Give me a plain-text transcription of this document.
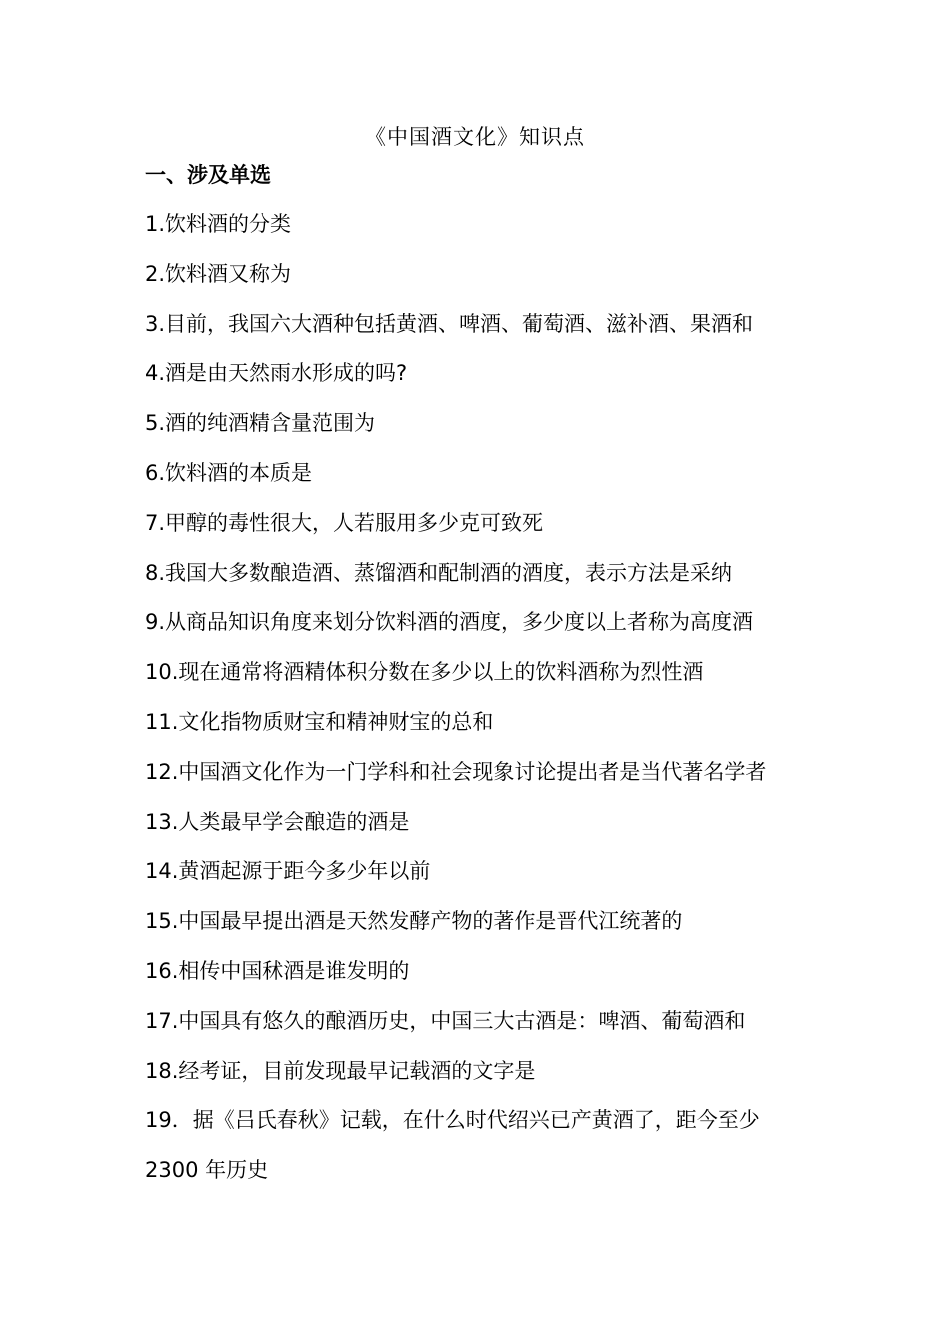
《中国酒文化》知识点
一、涉及单选
1.饮料酒的分类
2.饮料酒又称为
3.目前，我国六大酒种包括黄酒、啤酒、葡萄酒、滋补酒、果酒和
4.酒是由天然雨水形成的吗?
5.酒的纯酒精含量范围为
6.饮料酒的本质是
7.甲醇的毒性很大，人若服用多少克可致死
8.我国大多数酿造酒、蒸馏酒和配制酒的酒度，表示方法是采纳
9.从商品知识角度来划分饮料酒的酒度，多少度以上者称为高度酒
10.现在通常将酒精体积分数在多少以上的饮料酒称为烈性酒
11.文化指物质财宝和精神财宝的总和
12.中国酒文化作为一门学科和社会现象讨论提出者是当代著名学者
13.人类最早学会酿造的酒是
14.黄酒起源于距今多少年以前
15.中国最早提出酒是天然发酵产物的著作是晋代江统著的
16.相传中国秫酒是谁发明的
17.中国具有悠久的酿酒历史，中国三大古酒是：啤酒、葡萄酒和
18.经考证，目前发现最早记载酒的文字是
19．据《吕氏春秋》记载，在什么时代绍兴已产黄酒了，距今至少
2300 年历史
